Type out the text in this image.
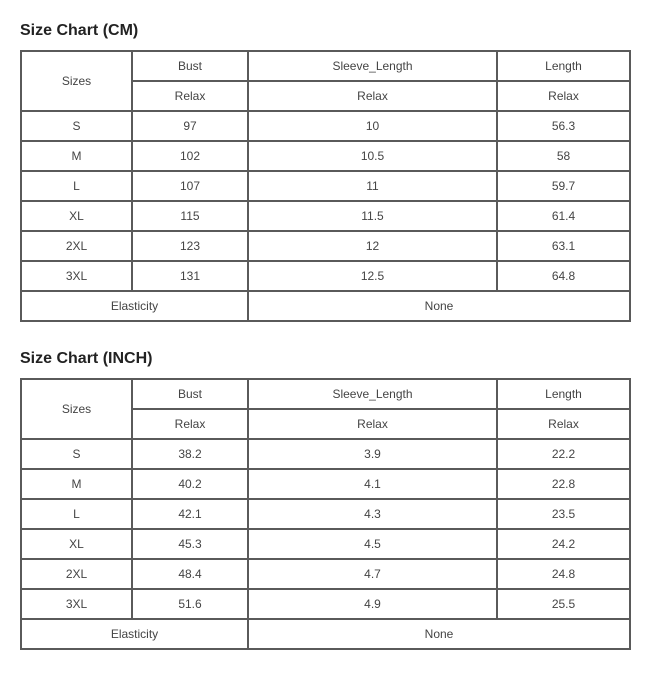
Size Chart (CM)
Sizes	Bust	Sleeve_Length	Length
	Relax	Relax	Relax
S	97	10	56.3
M	102	10.5	58
L	107	11	59.7
XL	115	11.5	61.4
2XL	123	12	63.1
3XL	131	12.5	64.8
Elasticity		None	
Size Chart (INCH)
Sizes	Bust	Sleeve_Length	Length
	Relax	Relax	Relax
S	38.2	3.9	22.2
M	40.2	4.1	22.8
L	42.1	4.3	23.5
XL	45.3	4.5	24.2
2XL	48.4	4.7	24.8
3XL	51.6	4.9	25.5
Elasticity		None	
